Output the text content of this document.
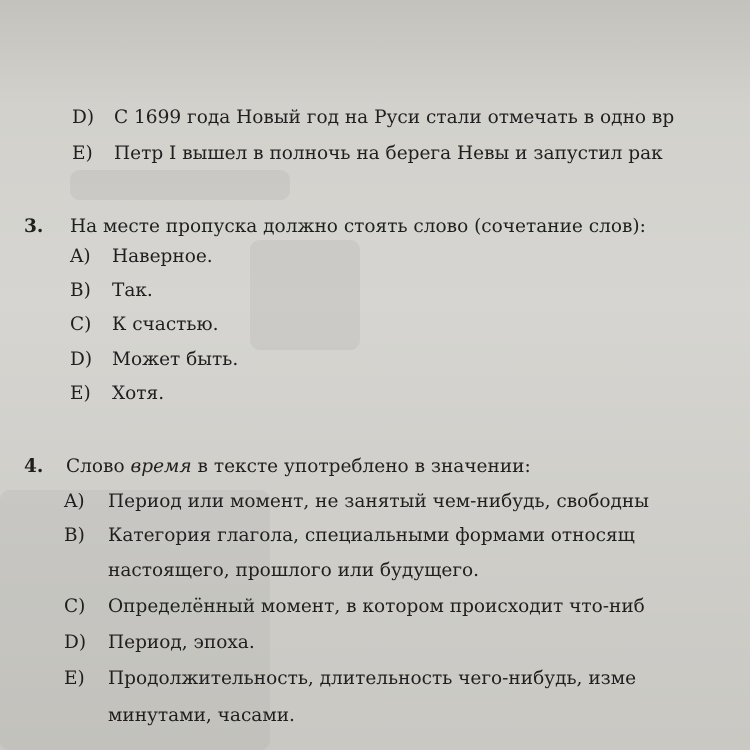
D) С 1699 года Новый год на Руси стали отмечать в одно вр
E) Петр I вышел в полночь на берега Невы и запустил рак
3. На месте пропуска должно стоять слово (сочетание слов):
A) Наверное.
B) Так.
C) К счастью.
D) Может быть.
E) Хотя.
4. Слово время в тексте употреблено в значении:
A) Период или момент, не занятый чем-нибудь, свободны
B) Категория глагола, специальными формами относящ
настоящего, прошлого или будущего.
C) Определённый момент, в котором происходит что-ниб
D) Период, эпоха.
E) Продолжительность, длительность чего-нибудь, изме
минутами, часами.
